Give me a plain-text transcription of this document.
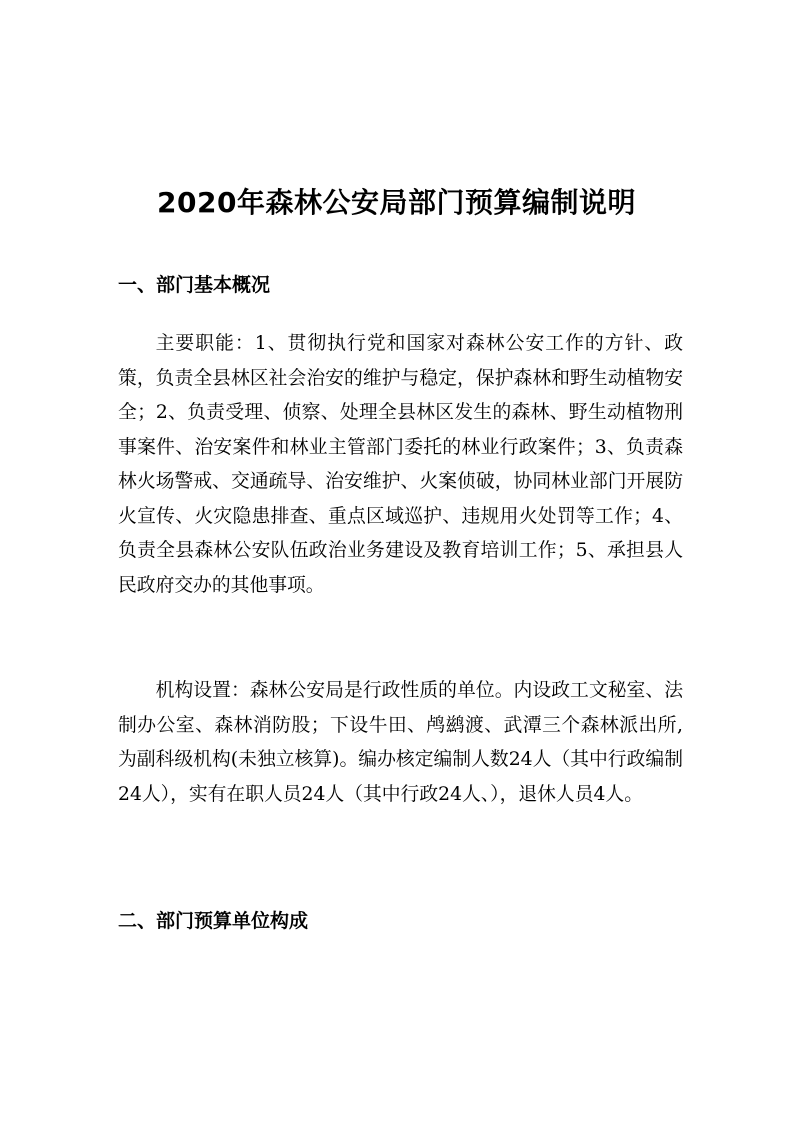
2020年森林公安局部门预算编制说明
一、部门基本概况

主要职能：1、贯彻执行党和国家对森林公安工作的方针、政策，负责全县林区社会治安的维护与稳定，保护森林和野生动植物安全；2、负责受理、侦察、处理全县林区发生的森林、野生动植物刑事案件、治安案件和林业主管部门委托的林业行政案件；3、负责森林火场警戒、交通疏导、治安维护、火案侦破，协同林业部门开展防火宣传、火灾隐患排查、重点区域巡护、违规用火处罚等工作；4、负责全县森林公安队伍政治业务建设及教育培训工作；5、承担县人民政府交办的其他事项。

机构设置：森林公安局是行政性质的单位。内设政工文秘室、法制办公室、森林消防股；下设牛田、鸬鹚渡、武潭三个森林派出所,为副科级机构(未独立核算)。编办核定编制人数24人（其中行政编制24人），实有在职人员24人（其中行政24人、），退休人员4人。

二、部门预算单位构成
